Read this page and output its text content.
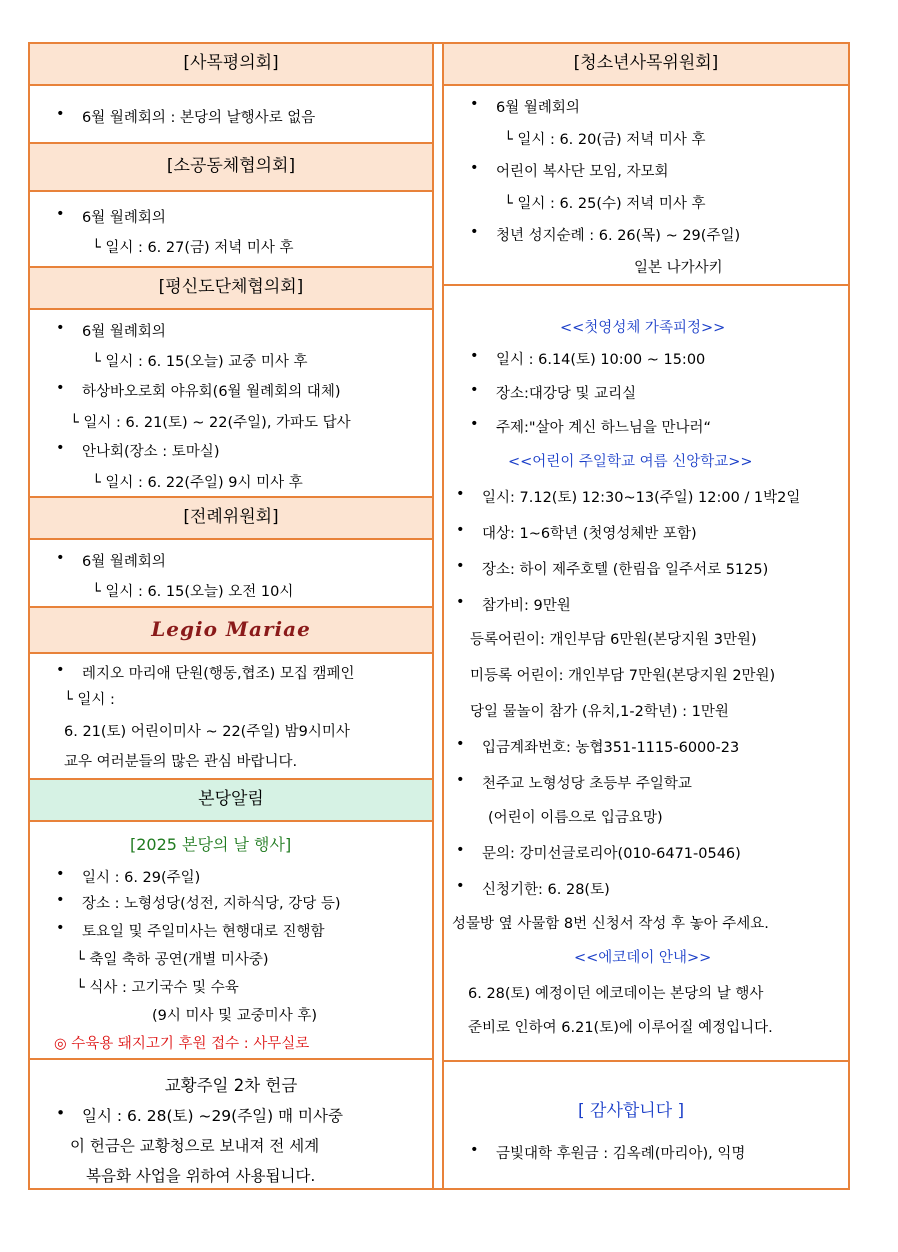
[사목평의회]
• 6월 월례회의 : 본당의 날행사로 없음
[소공동체협의회]
• 6월 월례회의
└ 일시 : 6. 27(금) 저녁 미사 후
[평신도단체협의회]
• 6월 월례회의
└ 일시 : 6. 15(오늘) 교중 미사 후
• 하상바오로회 야유회(6월 월례회의 대체)
└ 일시 : 6. 21(토) ~ 22(주일), 가파도 답사
• 안나회(장소 : 토마실)
└ 일시 : 6. 22(주일) 9시 미사 후
[전례위원회]
• 6월 월례회의
└ 일시 : 6. 15(오늘) 오전 10시
Legio Mariae
• 레지오 마리애 단원(행동,협조) 모집 캠페인
└ 일시 :
6. 21(토) 어린이미사 ~ 22(주일) 밤9시미사
교우 여러분들의 많은 관심 바랍니다.
본당알림
[2025 본당의 날 행사]
• 일시 : 6. 29(주일)
• 장소 : 노형성당(성전, 지하식당, 강당 등)
• 토요일 및 주일미사는 현행대로 진행함
└ 축일 축하 공연(개별 미사중)
└ 식사 : 고기국수 및 수육
(9시 미사 및 교중미사 후)
◎ 수육용 돼지고기 후원 접수 : 사무실로
교황주일 2차 헌금
• 일시 : 6. 28(토) ~29(주일) 매 미사중
이 헌금은 교황청으로 보내져 전 세계
복음화 사업을 위하여 사용됩니다.
[청소년사목위원회]
• 6월 월례회의
└ 일시 : 6. 20(금) 저녁 미사 후
• 어린이 복사단 모임, 자모회
└ 일시 : 6. 25(수) 저녁 미사 후
• 청년 성지순례 : 6. 26(목) ~ 29(주일)
일본 나가사키
<<첫영성체 가족피정>>
• 일시 : 6.14(토) 10:00 ~ 15:00
• 장소:대강당 및 교리실
• 주제:"살아 계신 하느님을 만나러“
<<어린이 주일학교 여름 신앙학교>>
• 일시: 7.12(토) 12:30~13(주일) 12:00 / 1박2일
• 대상: 1~6학년 (첫영성체반 포함)
• 장소: 하이 제주호텔 (한림읍 일주서로 5125)
• 참가비: 9만원
등록어린이: 개인부담 6만원(본당지원 3만원)
미등록 어린이: 개인부담 7만원(본당지원 2만원)
당일 물놀이 참가 (유치,1-2학년) : 1만원
• 입금계좌번호: 농협351-1115-6000-23
• 천주교 노형성당 초등부 주일학교
(어린이 이름으로 입금요망)
• 문의: 강미선글로리아(010-6471-0546)
• 신청기한: 6. 28(토)
성물방 옆 사물함 8번 신청서 작성 후 놓아 주세요.
<<에코데이 안내>>
6. 28(토) 예정이던 에코데이는 본당의 날 행사
준비로 인하여 6.21(토)에 이루어질 예정입니다.
[ 감사합니다 ]
• 금빛대학 후원금 : 김옥례(마리아), 익명
